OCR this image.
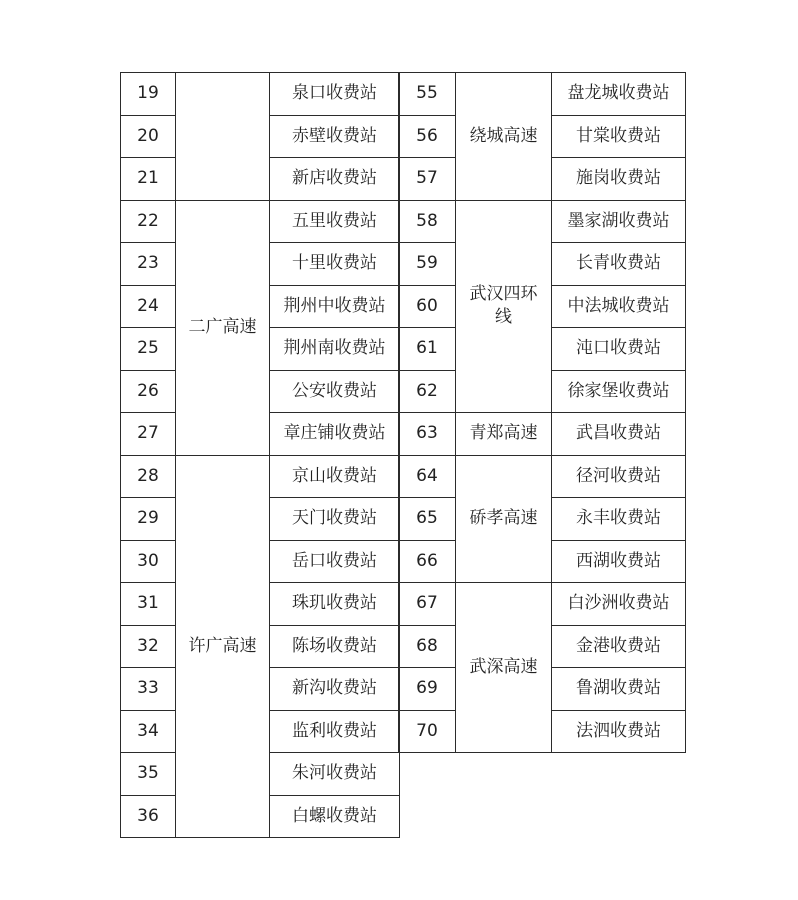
19		泉口收费站
20		赤壁收费站
21		新店收费站
22	二广高速	五里收费站
23		十里收费站
24		荆州中收费站
25		荆州南收费站
26		公安收费站
27		章庄铺收费站
28	许广高速	京山收费站
29		天门收费站
30		岳口收费站
31		珠玑收费站
32		陈场收费站
33		新沟收费站
34		监利收费站
35		朱河收费站
36		白螺收费站
55	绕城高速	盘龙城收费站
56		甘棠收费站
57		施岗收费站
58	武汉四环线	墨家湖收费站
59		长青收费站
60		中法城收费站
61		沌口收费站
62		徐家堡收费站
63	青郑高速	武昌收费站
64	硚孝高速	径河收费站
65		永丰收费站
66		西湖收费站
67	武深高速	白沙洲收费站
68		金港收费站
69		鲁湖收费站
70		法泗收费站
